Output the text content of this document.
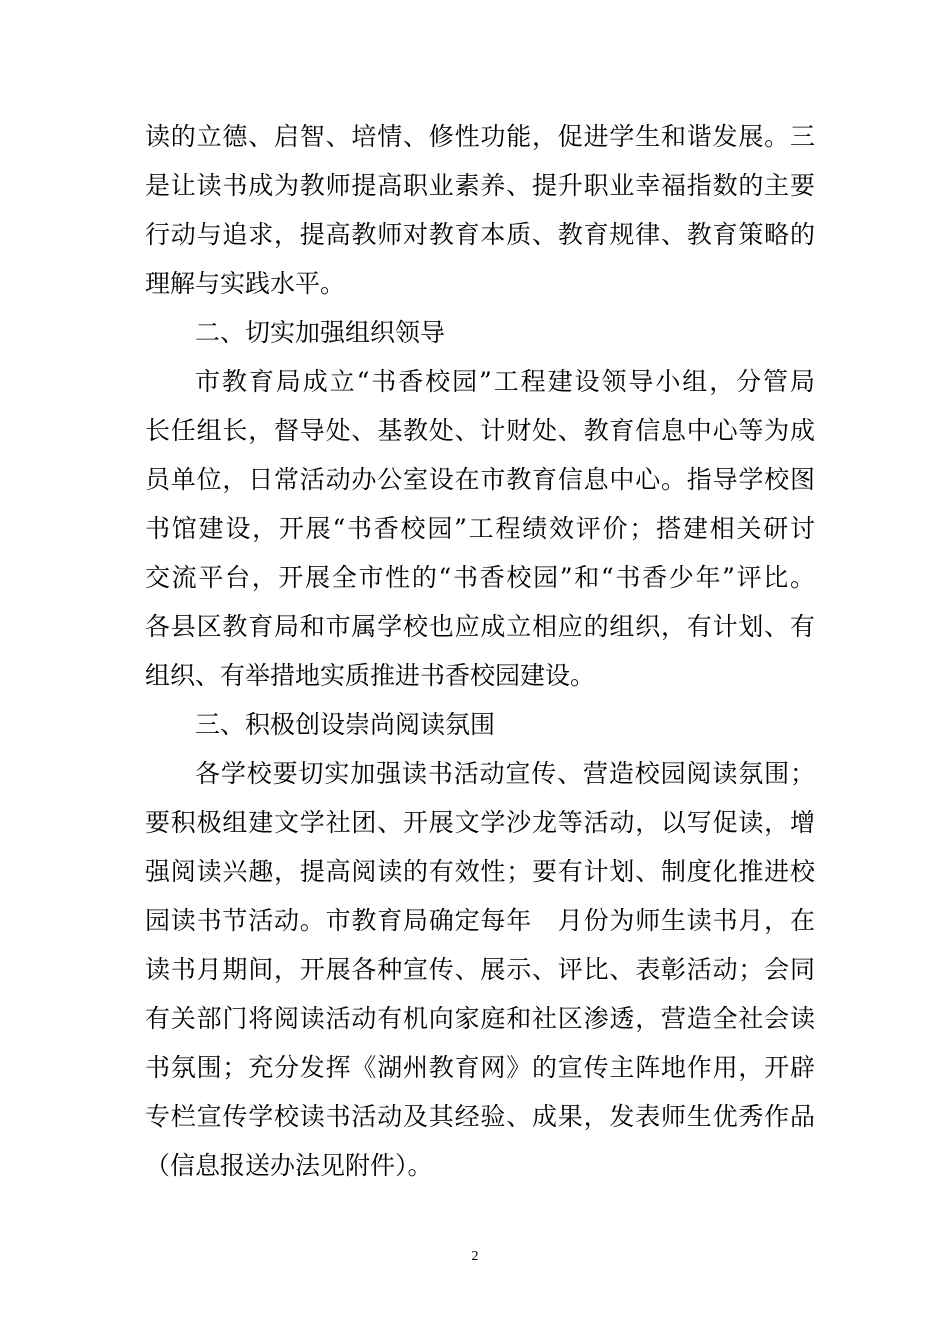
读的立德、启智、培情、修性功能，促进学生和谐发展。三
是让读书成为教师提高职业素养、提升职业幸福指数的主要
行动与追求，提高教师对教育本质、教育规律、教育策略的
理解与实践水平。
二、切实加强组织领导
市教育局成立“书香校园”工程建设领导小组，分管局
长任组长，督导处、基教处、计财处、教育信息中心等为成
员单位，日常活动办公室设在市教育信息中心。指导学校图
书馆建设，开展“书香校园”工程绩效评价；搭建相关研讨
交流平台，开展全市性的“书香校园”和“书香少年”评比。
各县区教育局和市属学校也应成立相应的组织，有计划、有
组织、有举措地实质推进书香校园建设。
三、积极创设崇尚阅读氛围
各学校要切实加强读书活动宣传、营造校园阅读氛围；
要积极组建文学社团、开展文学沙龙等活动，以写促读，增
强阅读兴趣，提高阅读的有效性；要有计划、制度化推进校
园读书节活动。市教育局确定每年　月份为师生读书月，在
读书月期间，开展各种宣传、展示、评比、表彰活动；会同
有关部门将阅读活动有机向家庭和社区渗透，营造全社会读
书氛围；充分发挥《湖州教育网》的宣传主阵地作用，开辟
专栏宣传学校读书活动及其经验、成果，发表师生优秀作品
（信息报送办法见附件）。
2
